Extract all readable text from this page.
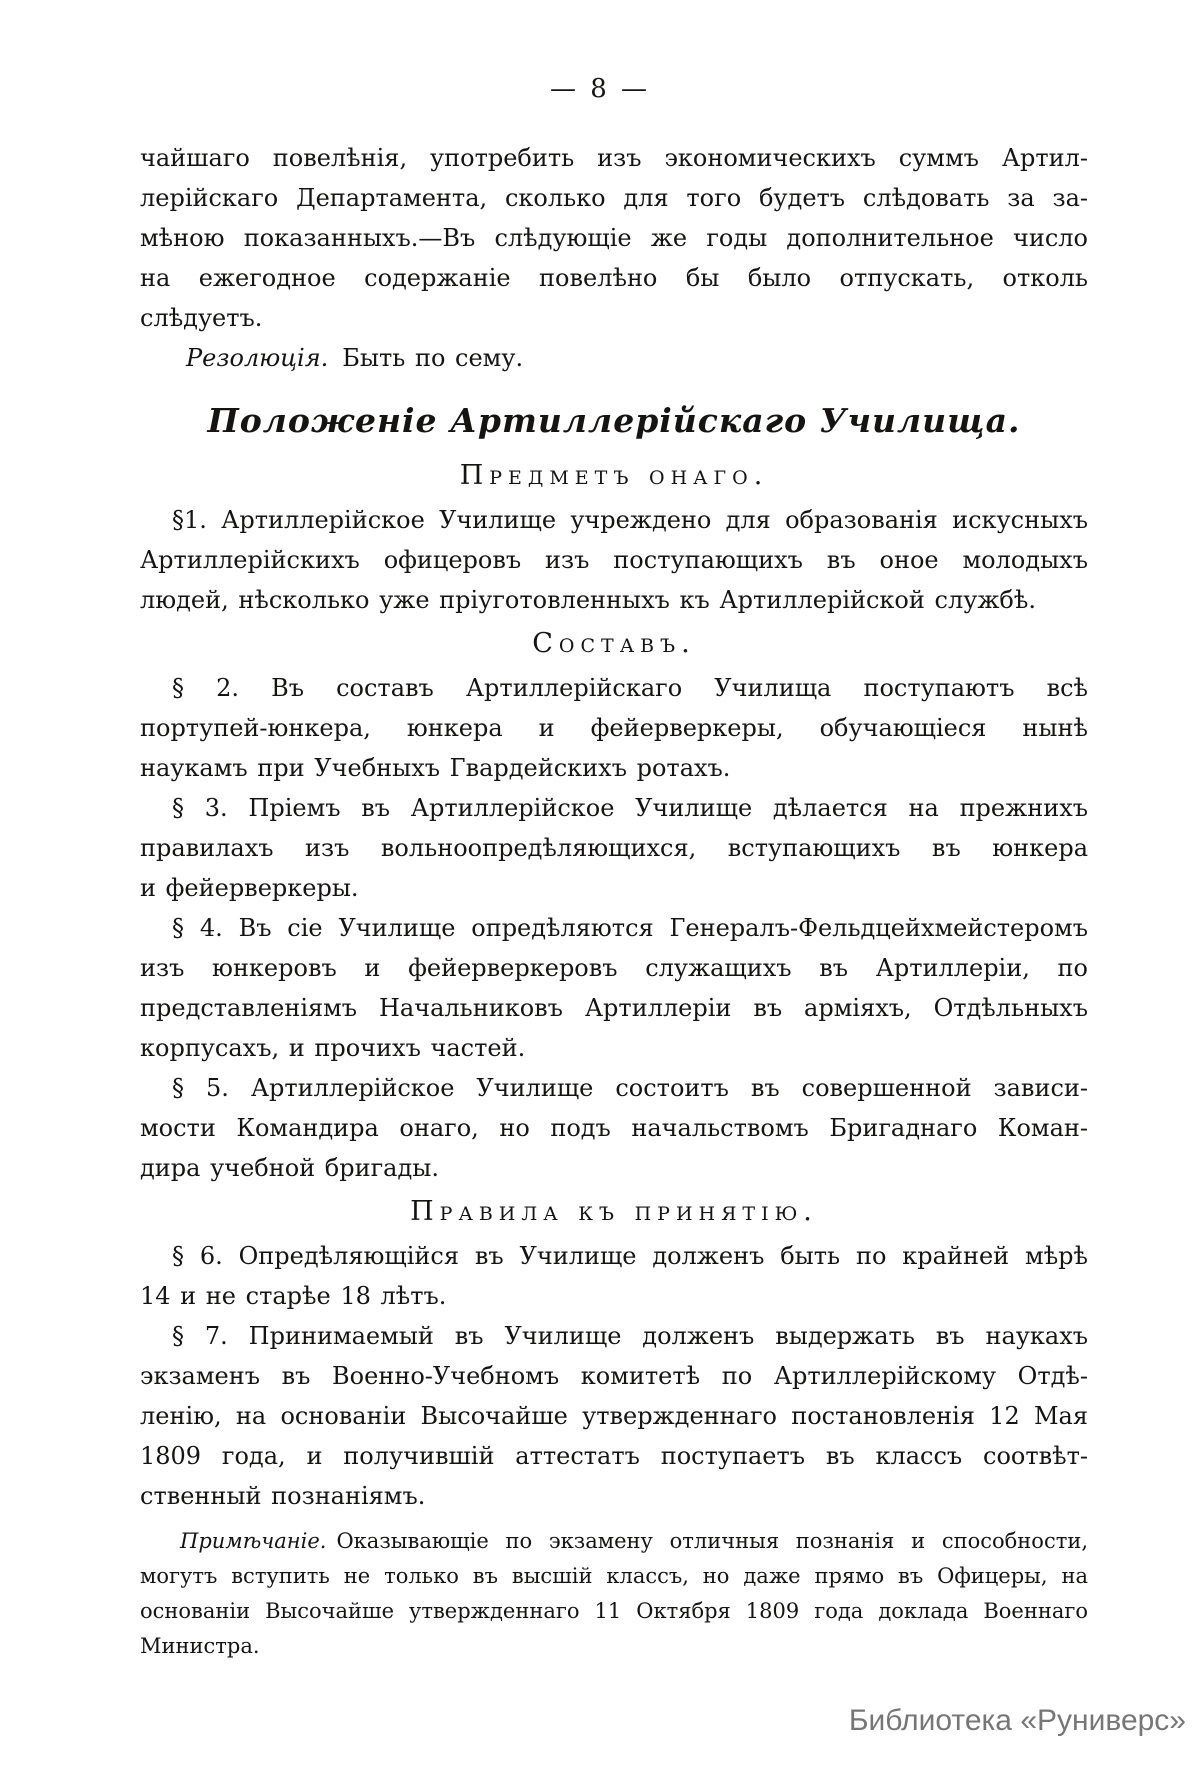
— 8 —
чайшаго повелѣнія, употребить изъ экономическихъ суммъ Артил-
лерійскаго Департамента, сколько для того будетъ слѣдовать за за-
мѣною показанныхъ.—Въ слѣдующіе же годы дополнительное число
на ежегодное содержаніе повелѣно бы было отпускать, отколь
слѣдуетъ.
Резолюція. Быть по сему.
Положеніе Артиллерійскаго Училища.
Предметъ онаго.
§1. Артиллерійское Училище учреждено для образованія искусныхъ
Артиллерійскихъ офицеровъ изъ поступающихъ въ оное молодыхъ
людей, нѣсколько уже пріуготовленныхъ къ Артиллерійской службѣ.
Составъ.
§ 2. Въ составъ Артиллерійскаго Училища поступаютъ всѣ
портупей-юнкера, юнкера и фейерверкеры, обучающіеся нынѣ
наукамъ при Учебныхъ Гвардейскихъ ротахъ.
§ 3. Пріемъ въ Артиллерійское Училище дѣлается на прежнихъ
правилахъ изъ вольноопредѣляющихся, вступающихъ въ юнкера
и фейерверкеры.
§ 4. Въ сіе Училище опредѣляются Генералъ-Фельдцейхмейстеромъ
изъ юнкеровъ и фейерверкеровъ служащихъ въ Артиллеріи, по
представленіямъ Начальниковъ Артиллеріи въ арміяхъ, Отдѣльныхъ
корпусахъ, и прочихъ частей.
§ 5. Артиллерійское Училище состоитъ въ совершенной зависи-
мости Командира онаго, но подъ начальствомъ Бригаднаго Коман-
дира учебной бригады.
Правила къ принятію.
§ 6. Опредѣляющійся въ Училище долженъ быть по крайней мѣрѣ
14 и не старѣе 18 лѣтъ.
§ 7. Принимаемый въ Училище долженъ выдержать въ наукахъ
экзаменъ въ Военно-Учебномъ комитетѣ по Артиллерійскому Отдѣ-
ленію, на основаніи Высочайше утвержденнаго постановленія 12 Мая
1809 года, и получившій аттестатъ поступаетъ въ классъ соотвѣт-
ственный познаніямъ.
Примѣчаніе. Оказывающіе по экзамену отличныя познанія и способности,
могутъ вступить не только въ высшій классъ, но даже прямо въ Офицеры, на
основаніи Высочайше утвержденнаго 11 Октября 1809 года доклада Военнаго
Министра.
Библиотека «Руниверс»
